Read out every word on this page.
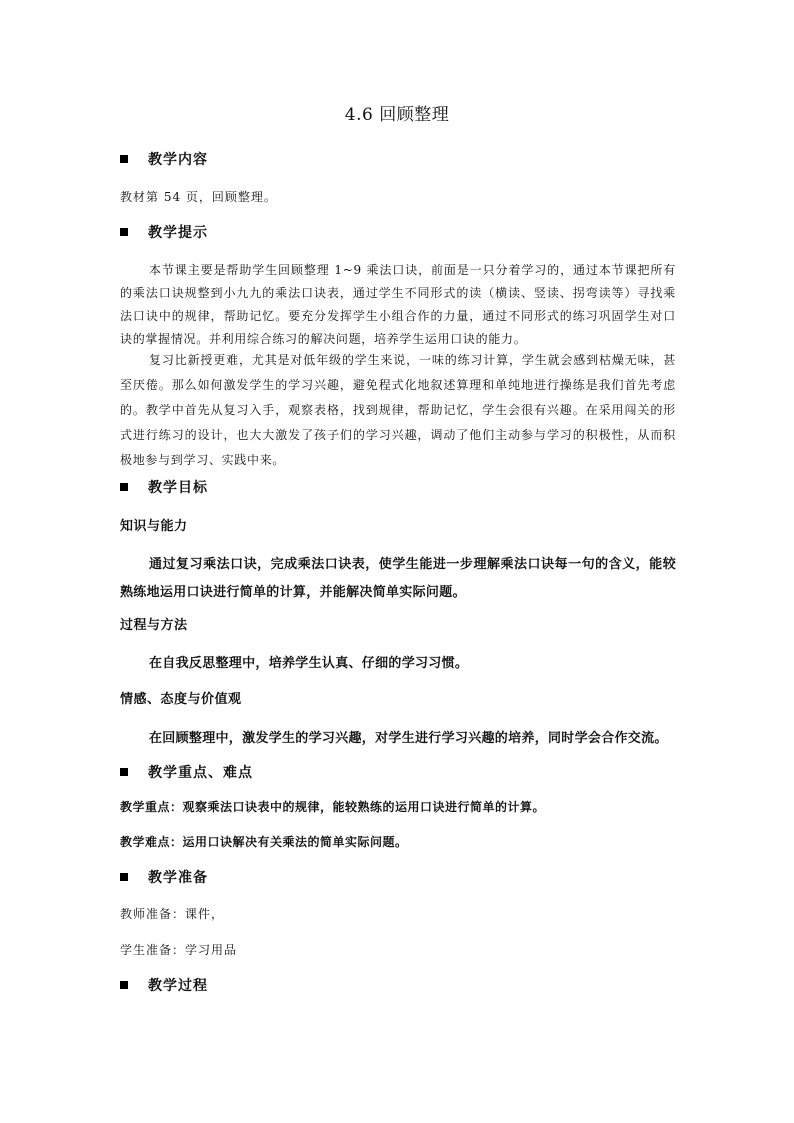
4.6 回顾整理
教学内容
教材第 54 页，回顾整理。
教学提示

本节课主要是帮助学生回顾整理 1~9 乘法口诀，前面是一只分着学习的，通过本节课把所有的乘法口诀规整到小九九的乘法口诀表，通过学生不同形式的读（横读、竖读、拐弯读等）寻找乘法口诀中的规律，帮助记忆。要充分发挥学生小组合作的力量，通过不同形式的练习巩固学生对口诀的掌握情况。并利用综合练习的解决问题，培养学生运用口诀的能力。

复习比新授更难，尤其是对低年级的学生来说，一味的练习计算，学生就会感到枯燥无味，甚至厌倦。那么如何激发学生的学习兴趣，避免程式化地叙述算理和单纯地进行操练是我们首先考虑的。教学中首先从复习入手，观察表格，找到规律，帮助记忆，学生会很有兴趣。在采用闯关的形式进行练习的设计，也大大激发了孩子们的学习兴趣，调动了他们主动参与学习的积极性，从而积极地参与到学习、实践中来。

教学目标
知识与能力

通过复习乘法口诀，完成乘法口诀表，使学生能进一步理解乘法口诀每一句的含义，能较熟练地运用口诀进行简单的计算，并能解决简单实际问题。

过程与方法

在自我反思整理中，培养学生认真、仔细的学习习惯。

情感、态度与价值观

在回顾整理中，激发学生的学习兴趣，对学生进行学习兴趣的培养，同时学会合作交流。

教学重点、难点
教学重点：观察乘法口诀表中的规律，能较熟练的运用口诀进行简单的计算。
教学难点：运用口诀解决有关乘法的简单实际问题。
教学准备
教师准备：课件，
学生准备：学习用品
教学过程
